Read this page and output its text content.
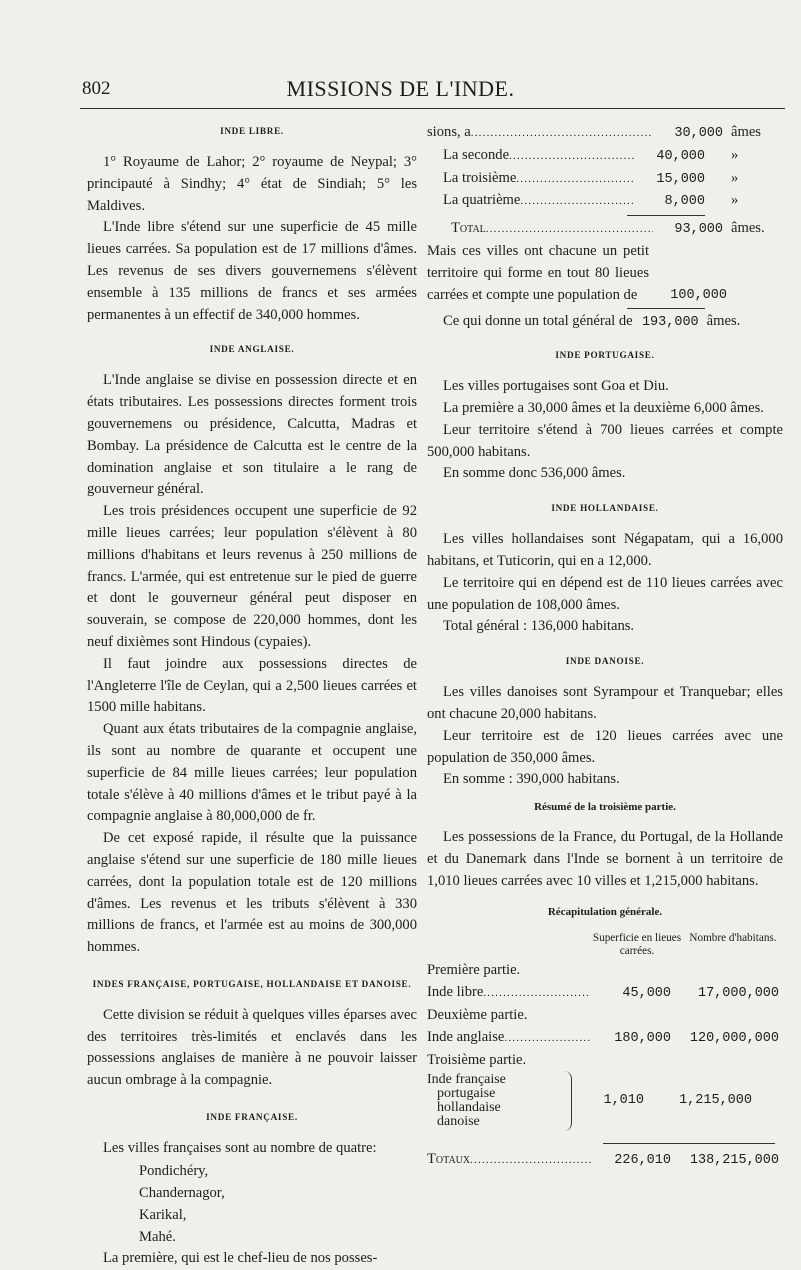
802	MISSIONS DE L'INDE.
INDE LIBRE.

1° Royaume de Lahor; 2° royaume de Neypal; 3° principauté à Sindhy; 4° état de Sindiah; 5° les Maldives.

L'Inde libre s'étend sur une superficie de 45 mille lieues carrées. Sa population est de 17 millions d'âmes. Les revenus de ses divers gouvernemens s'élèvent ensemble à 135 millions de francs et ses armées permanentes à un effectif de 340,000 hommes.

INDE ANGLAISE.

L'Inde anglaise se divise en possession directe et en états tributaires. Les possessions directes forment trois gouvernemens ou présidence, Calcutta, Madras et Bombay. La présidence de Calcutta est le centre de la domination anglaise et son titulaire a le rang de gouverneur général.

Les trois présidences occupent une superficie de 92 mille lieues carrées; leur population s'élèvent à 80 millions d'habitans et leurs revenus à 250 millions de francs. L'armée, qui est entretenue sur le pied de guerre et dont le gouverneur général peut disposer en souverain, se compose de 220,000 hommes, dont les neuf dixièmes sont Hindous (cypaies).

Il faut joindre aux possessions directes de l'Angleterre l'île de Ceylan, qui a 2,500 lieues carrées et 1500 mille habitans.

Quant aux états tributaires de la compagnie anglaise, ils sont au nombre de quarante et occupent une superficie de 84 mille lieues carrées; leur population totale s'élève à 40 millions d'âmes et le tribut payé à la compagnie anglaise à 80,000,000 de fr.

De cet exposé rapide, il résulte que la puissance anglaise s'étend sur une superficie de 180 mille lieues carrées, dont la population totale est de 120 millions d'âmes. Les revenus et les tributs s'élèvent à 330 millions de francs, et l'armée est au moins de 300,000 hommes.

INDES FRANÇAISE, PORTUGAISE, HOLLANDAISE ET DANOISE.

Cette division se réduit à quelques villes éparses avec des territoires très-limités et enclavés dans les possessions anglaises de manière à ne pouvoir laisser aucun ombrage à la compagnie.

INDE FRANÇAISE.

Les villes françaises sont au nombre de quatre:

Pondichéry,
Chandernagor,
Karikal,
Mahé.

La première, qui est le chef-lieu de nos posses-

sions, a .....	30,000 âmes
La seconde .....	40,000	»
La troisième .....	15,000	»
La quatrième .....	8,000	»
Total .....	93,000 âmes.
Mais ces villes ont chacune un petit territoire qui forme en tout 80 lieues carrées et compte une population de	100,000
Ce qui donne un total général de 193,000 âmes.
INDE PORTUGAISE.

Les villes portugaises sont Goa et Diu.

La première a 30,000 âmes et la deuxième 6,000 âmes.

Leur territoire s'étend à 700 lieues carrées et compte 500,000 habitans.

En somme donc 536,000 âmes.

INDE HOLLANDAISE.

Les villes hollandaises sont Négapatam, qui a 16,000 habitans, et Tuticorin, qui en a 12,000.

Le territoire qui en dépend est de 110 lieues carrées avec une population de 108,000 âmes.

Total général : 136,000 habitans.

INDE DANOISE.

Les villes danoises sont Syrampour et Tranquebar; elles ont chacune 20,000 habitans.

Leur territoire est de 120 lieues carrées avec une population de 350,000 âmes.

En somme : 390,000 habitans.

Résumé de la troisième partie.

Les possessions de la France, du Portugal, de la Hollande et du Danemark dans l'Inde se bornent à un territoire de 1,010 lieues carrées avec 10 villes et 1,215,000 habitans.

Récapitulation générale.
Superficie en lieues carrées.
Nombre d'habitans.
Première partie.
Inde libre .....	45,000	17,000,000
Deuxième partie.
Inde anglaise .....	180,000	120,000,000
Troisième partie.
Inde française
portugaise
hollandaise
danoise
1,010	1,215,000
Totaux .....	226,010	138,215,000
